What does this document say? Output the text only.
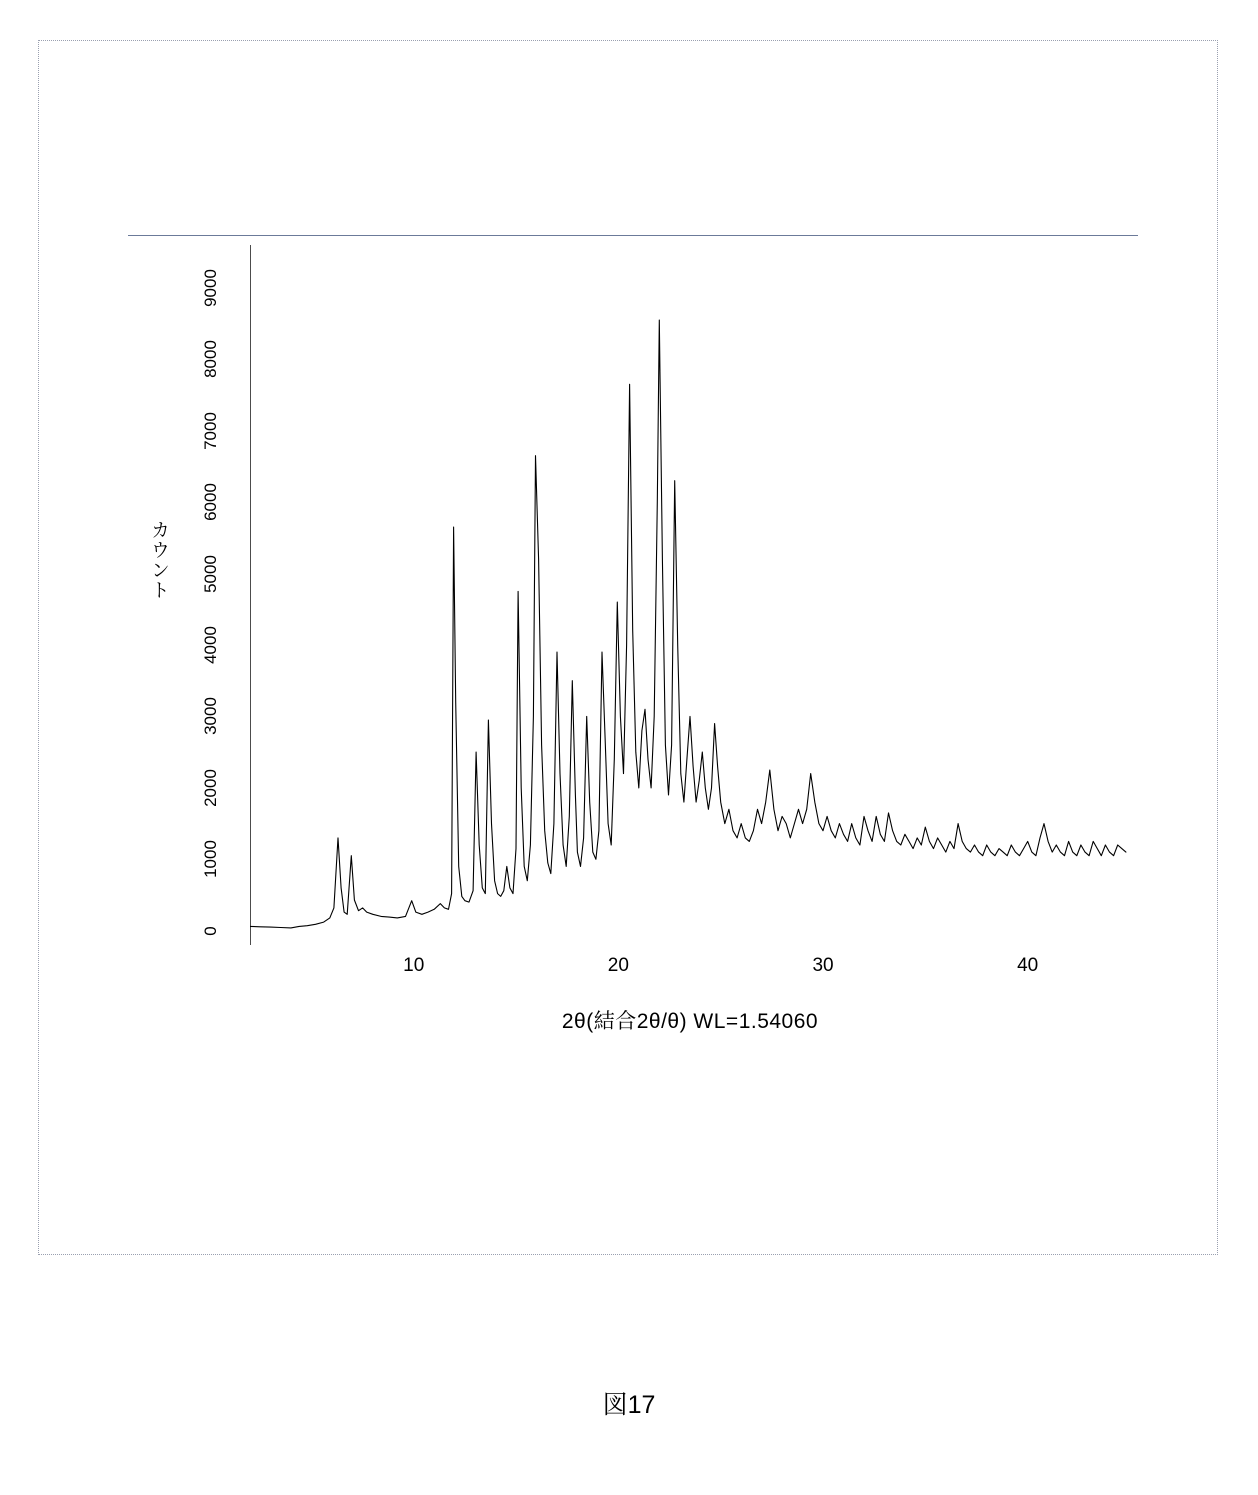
カウント
0
1000
2000
3000
4000
5000
6000
7000
8000
9000
10	20	30	40
2θ(結合2θ/θ) WL=1.54060
図17
